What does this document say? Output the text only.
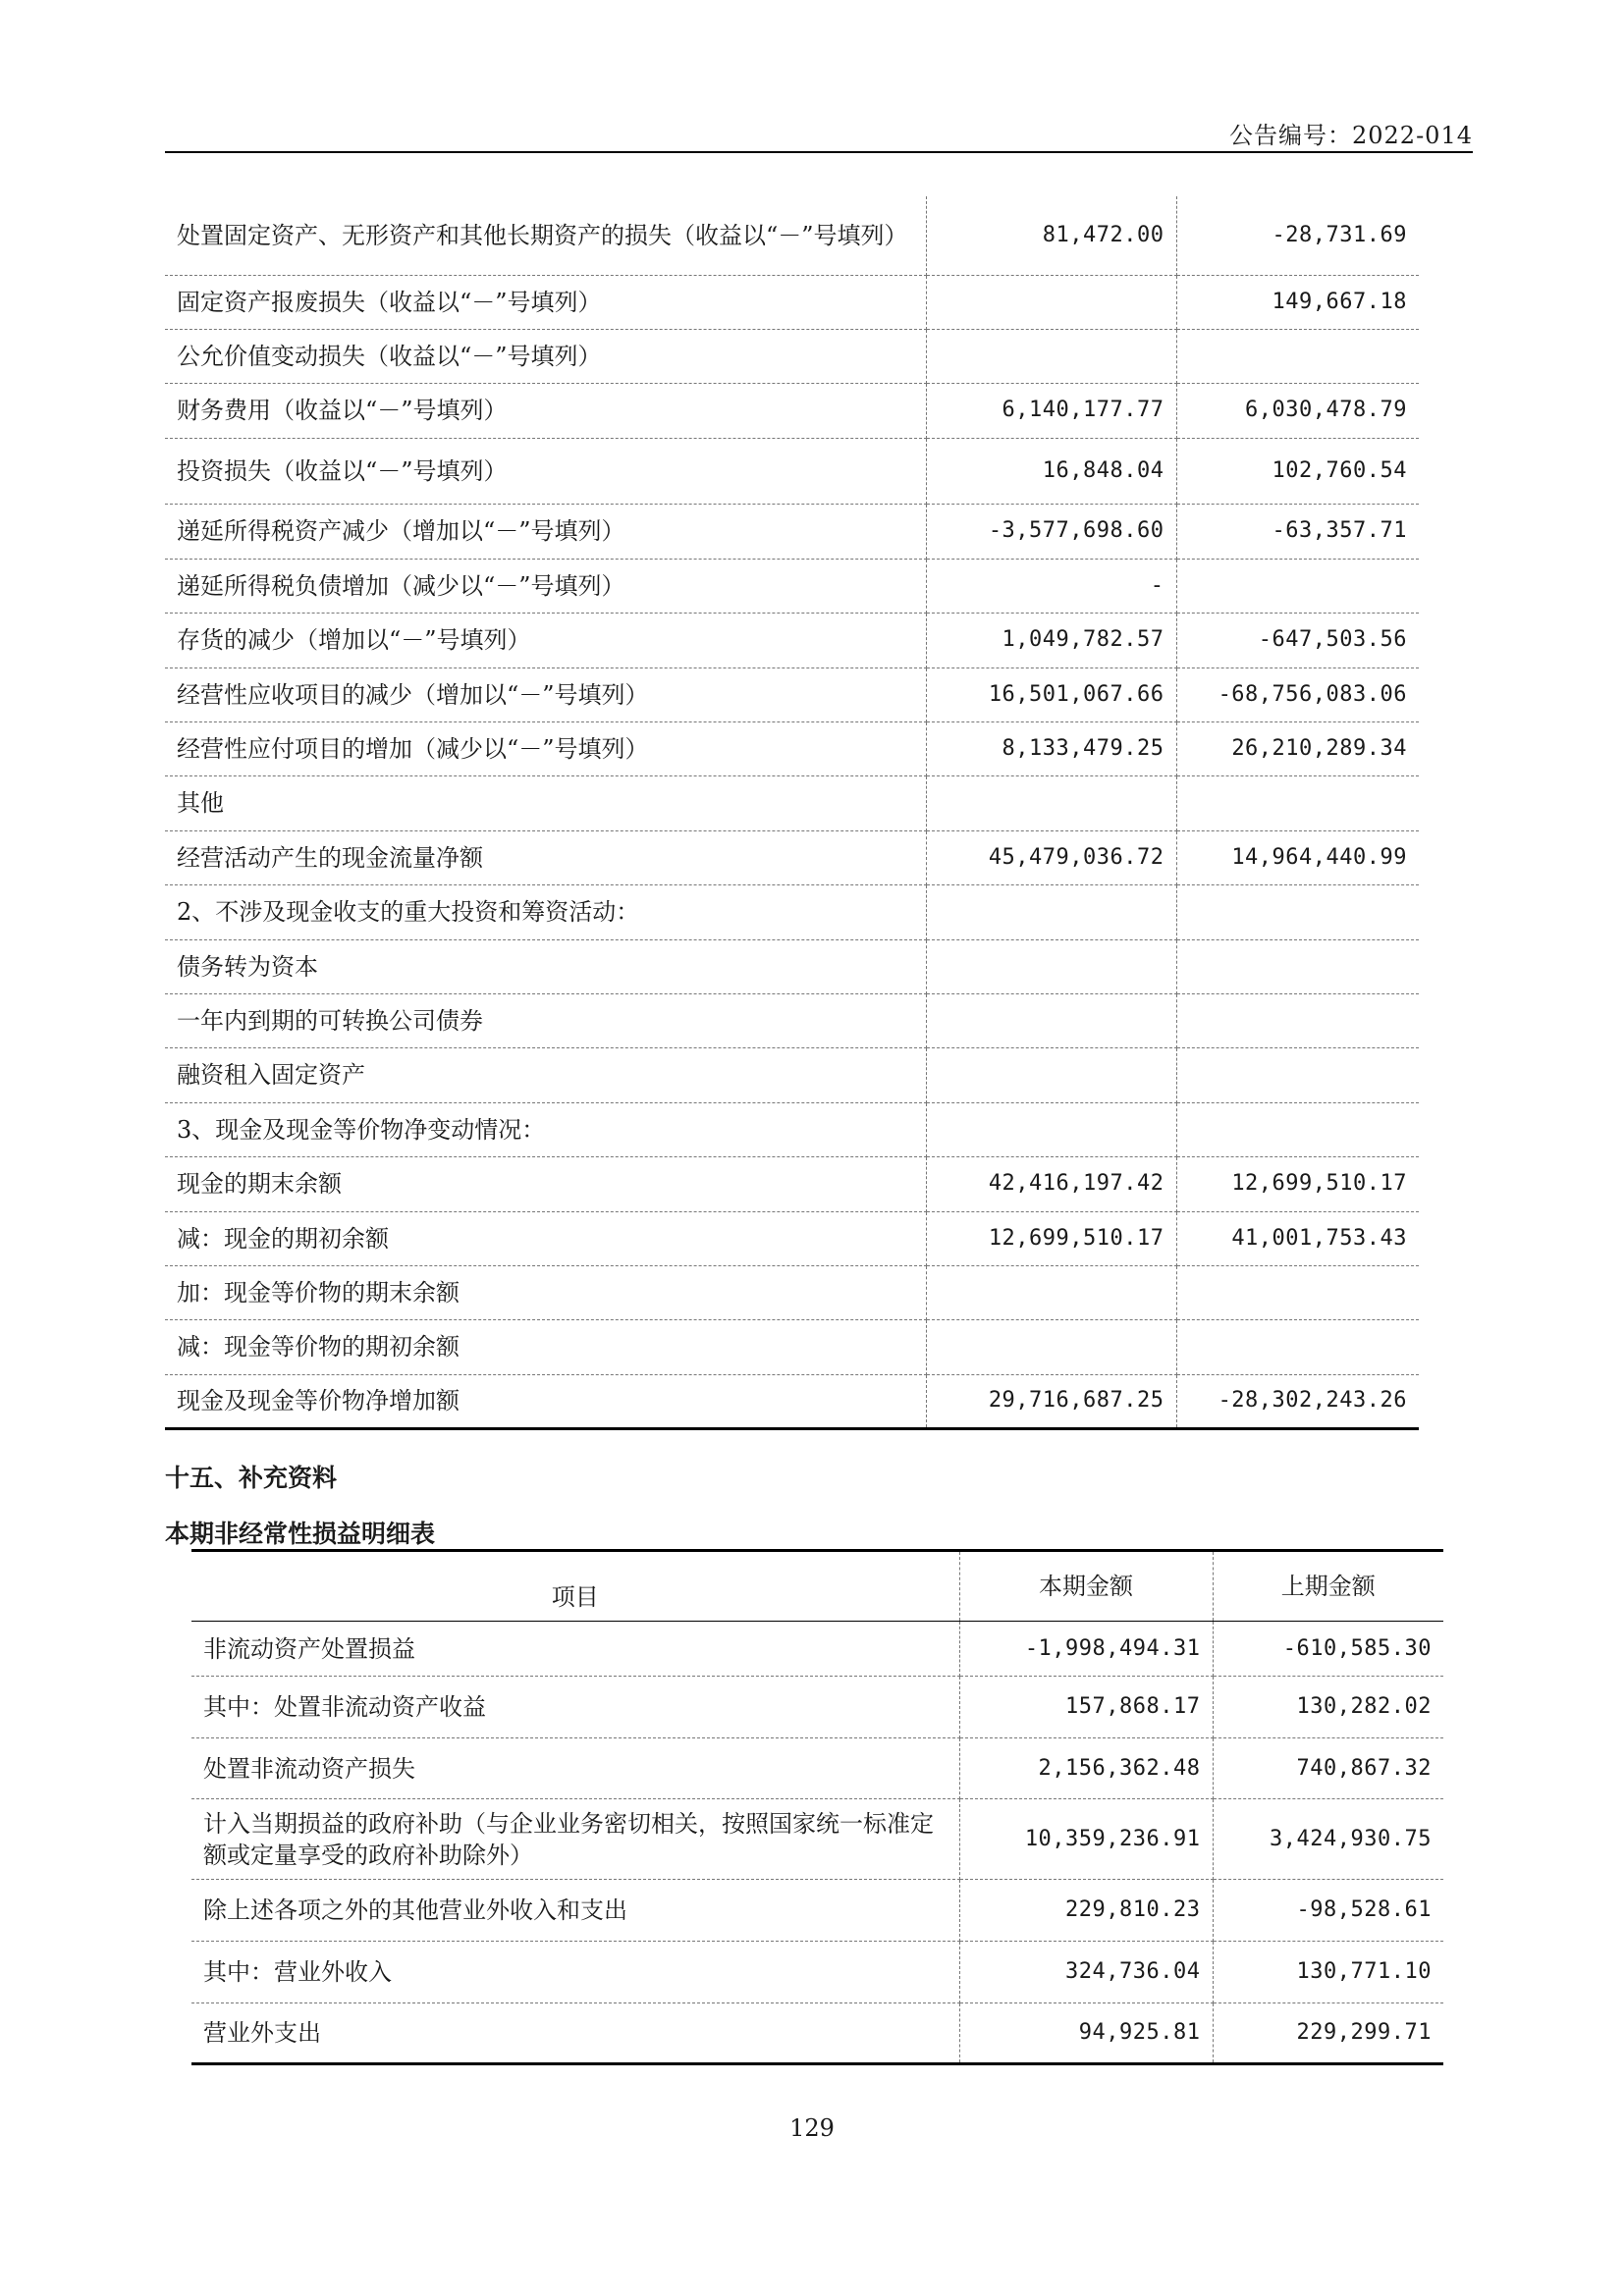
公告编号：2022-014
处置固定资产、无形资产和其他长期资产的损失（收益以“－”号填列）	81,472.00	-28,731.69
固定资产报废损失（收益以“－”号填列）		149,667.18
公允价值变动损失（收益以“－”号填列）		
财务费用（收益以“－”号填列）	6,140,177.77	6,030,478.79
投资损失（收益以“－”号填列）	16,848.04	102,760.54
递延所得税资产减少（增加以“－”号填列）	-3,577,698.60	-63,357.71
递延所得税负债增加（减少以“－”号填列）	-	
存货的减少（增加以“－”号填列）	1,049,782.57	-647,503.56
经营性应收项目的减少（增加以“－”号填列）	16,501,067.66	-68,756,083.06
经营性应付项目的增加（减少以“－”号填列）	8,133,479.25	26,210,289.34
其他		
经营活动产生的现金流量净额	45,479,036.72	14,964,440.99
2、不涉及现金收支的重大投资和筹资活动：		
债务转为资本		
一年内到期的可转换公司债券		
融资租入固定资产		
3、现金及现金等价物净变动情况：		
现金的期末余额	42,416,197.42	12,699,510.17
减：现金的期初余额	12,699,510.17	41,001,753.43
加：现金等价物的期末余额		
减：现金等价物的期初余额		
现金及现金等价物净增加额	29,716,687.25	-28,302,243.26
十五、补充资料
本期非经常性损益明细表
项目	本期金额	上期金额
非流动资产处置损益	-1,998,494.31	-610,585.30
其中：处置非流动资产收益	157,868.17	130,282.02
处置非流动资产损失	2,156,362.48	740,867.32
计入当期损益的政府补助（与企业业务密切相关，按照国家统一标准定额或定量享受的政府补助除外）	10,359,236.91	3,424,930.75
除上述各项之外的其他营业外收入和支出	229,810.23	-98,528.61
其中：营业外收入	324,736.04	130,771.10
营业外支出	94,925.81	229,299.71
129
